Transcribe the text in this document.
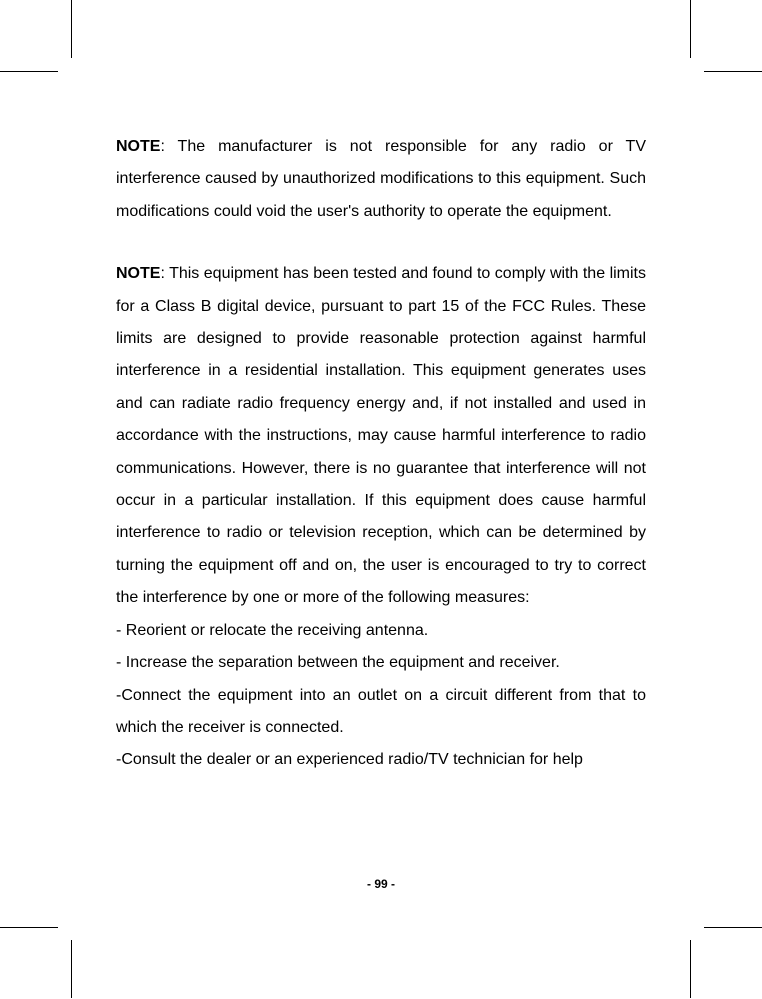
NOTE: The manufacturer is not responsible for any radio or TV interference caused by unauthorized modifications to this equipment. Such modifications could void the user's authority to operate the equipment.

NOTE: This equipment has been tested and found to comply with the limits for a Class B digital device, pursuant to part 15 of the FCC Rules. These limits are designed to provide reasonable protection against harmful interference in a residential installation. This equipment generates uses and can radiate radio frequency energy and, if not installed and used in accordance with the instructions, may cause harmful interference to radio communications. However, there is no guarantee that interference will not occur in a particular installation. If this equipment does cause harmful interference to radio or television reception, which can be determined by turning the equipment off and on, the user is encouraged to try to correct the interference by one or more of the following measures:

- Reorient or relocate the receiving antenna.

- Increase the separation between the equipment and receiver.

-Connect the equipment into an outlet on a circuit different from that to which the receiver is connected.

-Consult the dealer or an experienced radio/TV technician for help

- 99 -
